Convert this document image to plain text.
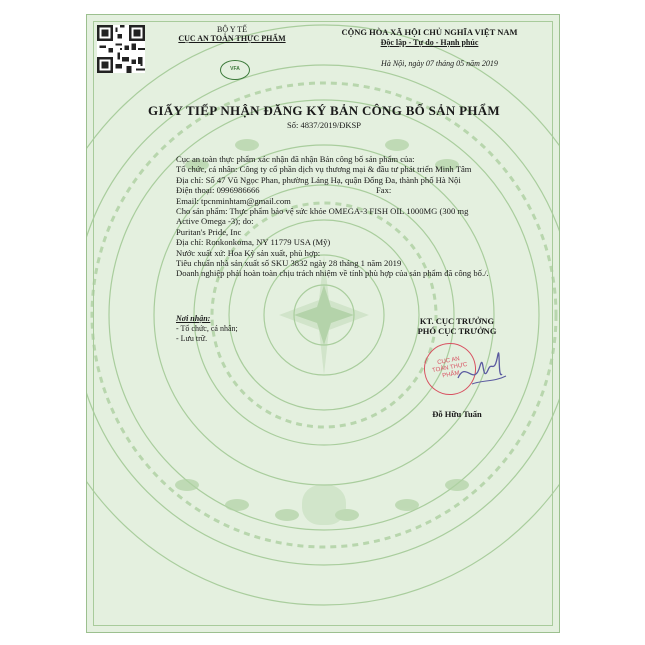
BỘ Y TẾ
CỤC AN TOÀN THỰC PHẨM
VFA
CỘNG HÒA XÃ HỘI CHỦ NGHĨA VIỆT NAM
Độc lập - Tự do - Hạnh phúc
Hà Nội, ngày 07 tháng 05 năm 2019
GIẤY TIẾP NHẬN ĐĂNG KÝ BẢN CÔNG BỐ SẢN PHẨM
Số: 4837/2019/ĐKSP
Cục an toàn thực phẩm xác nhận đã nhận Bản công bố sản phẩm của:
Tổ chức, cá nhân: Công ty cổ phần dịch vụ thương mại & đầu tư phát triển Minh Tâm
Địa chỉ: Số 47 Vũ Ngọc Phan, phường Láng Hạ, quận Đống Đa, thành phố Hà Nội
Điện thoại: 0996986666	Fax:
Email: tpcnminhtam@gmail.com
Cho sản phẩm: Thực phẩm bảo vệ sức khỏe OMEGA-3 FISH OIL 1000MG (300 mg
Active Omega -3); do:
Puritan's Pride, Inc
Địa chỉ: Ronkonkoma, NY 11779 USA (Mỹ)
Nước xuất xứ: Hoa Kỳ sản xuất, phù hợp:
Tiêu chuẩn nhà sản xuất số SKU 3832 ngày 28 tháng 1 năm 2019
Doanh nghiệp phải hoàn toàn chịu trách nhiệm về tính phù hợp của sản phẩm đã công bố./.
Nơi nhận:
- Tổ chức, cá nhân;
- Lưu trữ.
KT. CỤC TRƯỞNG
PHÓ CỤC TRƯỞNG
CỤC AN TOÀN THỰC PHẨM
Đỗ Hữu Tuấn
